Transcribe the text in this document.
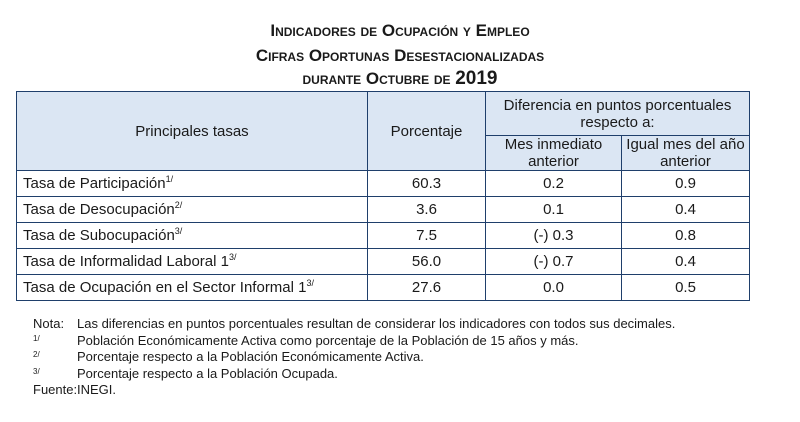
Indicadores de Ocupación y Empleo
Cifras Oportunas Desestacionalizadas
durante Octubre de 2019
Principales tasas	Porcentaje	Diferencia en puntos porcentuales respecto a:	
		Mes inmediato anterior	Igual mes del año anterior
Tasa de Participación$^{1/}$	60.3	0.2	0.9
Tasa de Desocupación$^{2/}$	3.6	0.1	0.4
Tasa de Subocupación$^{3/}$	7.5	(-) 0.3	0.8
Tasa de Informalidad Laboral $1^{3/}$	56.0	(-) 0.7	0.4
Tasa de Ocupación en el Sector Informal $1^{3/}$	27.6	0.0	0.5
Nota: Las diferencias en puntos porcentuales resultan de considerar los indicadores con todos sus decimales.
$^{1/}$	Población Económicamente Activa como porcentaje de la Población de 15 años y más.
$^{2/}$	Porcentaje respecto a la Población Económicamente Activa.
$^{3/}$	Porcentaje respecto a la Población Ocupada.
Fuente: INEGI.
